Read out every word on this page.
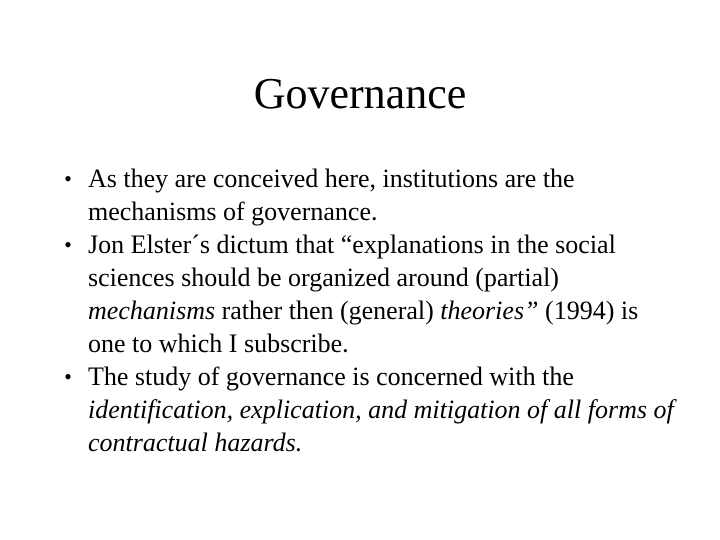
Governance
• As they are conceived here, institutions are the mechanisms of governance.
• Jon Elster´s dictum that “explanations in the social sciences should be organized around (partial) mechanisms rather then (general) theories” (1994) is one to which I subscribe.
• The study of governance is concerned with the identification, explication, and mitigation of all forms of contractual hazards.
